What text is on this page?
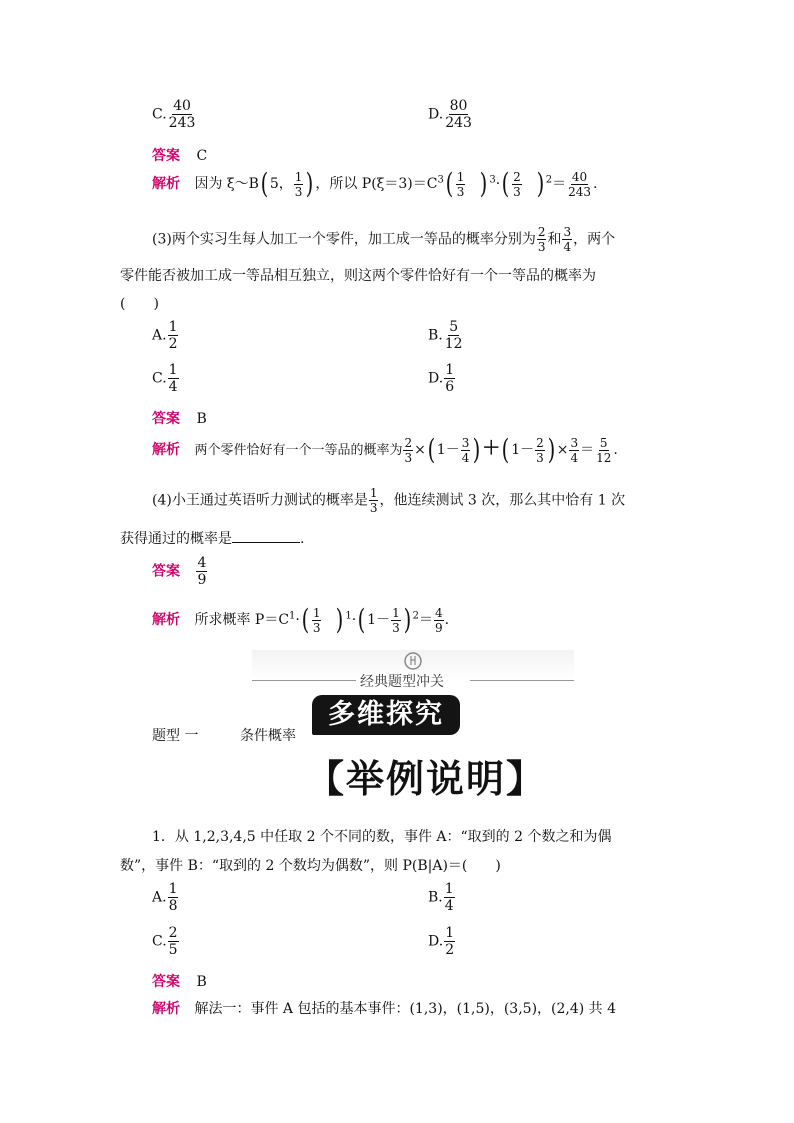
C. $\frac{40}{243}$	D. $\frac{80}{243}$
答案 C
解析 因为 ξ～B( 5， $\frac{1}{3}$ ) ，所以 $P(\xi=3)=C^3( \frac{1}{3}$ ) $^3\cdot( \frac{2}{3}$ ) $^2= \frac{40}{243}$ .
(3)两个实习生每人加工一个零件，加工成一等品的概率分别为 $\frac{2}{3}$ 和 $\frac{3}{4}$ ，两个
零件能否被加工成一等品相互独立，则这两个零件恰好有一个一等品的概率为
(　　)
A. $\frac{1}{2}$	B. $\frac{5}{12}$
C. $\frac{1}{4}$	D. $\frac{1}{6}$
答案 B
解析 两个零件恰好有一个一等品的概率为 $\frac{2}{3}$ ×( $1- \frac{3}{4}$ )＋( $1- \frac{2}{3}$ ) × $\frac{3}{4} = \frac{5}{12}$ .
(4)小王通过英语听力测试的概率是 $\frac{1}{3}$ ，他连续测试 3 次，那么其中恰有 1 次
获得通过的概率是	.
答案 $\frac{4}{9}$
解析 所求概率 $P=C^1\cdot( \frac{1}{3}$ ) $^1$·( $1- \frac{1}{3}$ ) $^2= \frac{4}{9}$ .
经典题型冲关
多维探究
题型 一	条件概率
【举例说明】
1．从 1,2,3,4,5 中任取 2 个不同的数，事件 A：“取到的 2 个数之和为偶
数”，事件 B：“取到的 2 个数均为偶数”，则 P(B|A)＝(　　)
A. $\frac{1}{8}$	B. $\frac{1}{4}$
C. $\frac{2}{5}$	D. $\frac{1}{2}$
答案 B
解析 解法一：事件 A 包括的基本事件：(1,3)，(1,5)，(3,5)，(2,4) 共 4
